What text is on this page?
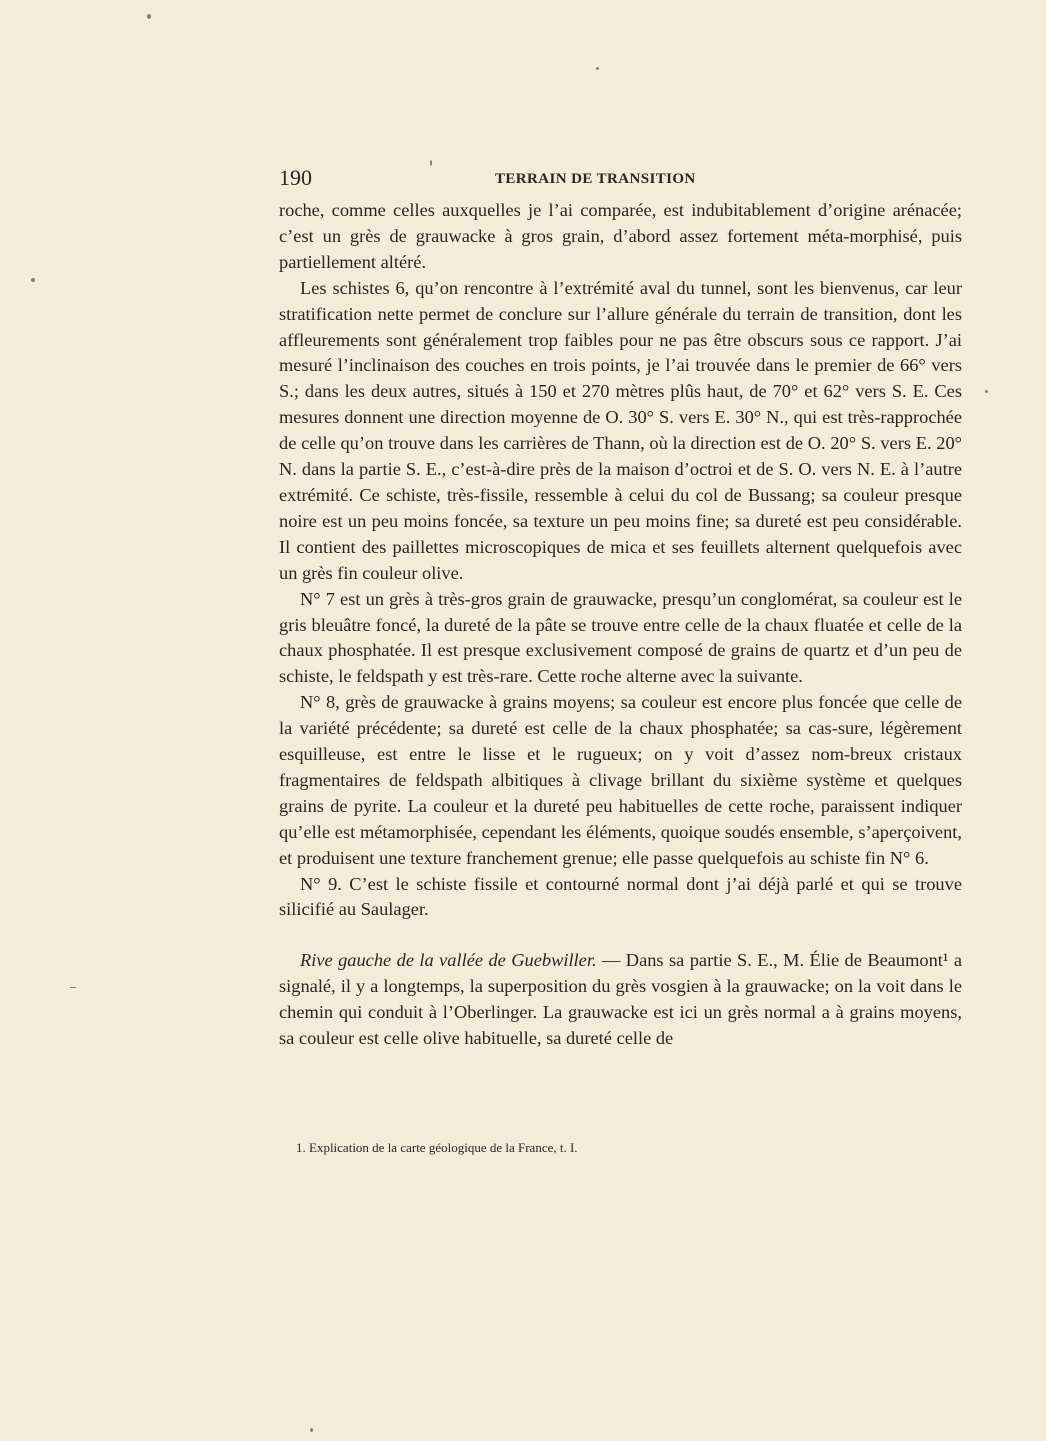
190	TERRAIN DE TRANSITION

roche, comme celles auxquelles je l’ai comparée, est indubitablement d’origine arénacée; c’est un grès de grauwacke à gros grain, d’abord assez fortement méta-morphisé, puis partiellement altéré.

Les schistes 6, qu’on rencontre à l’extrémité aval du tunnel, sont les bienvenus, car leur stratification nette permet de conclure sur l’allure générale du terrain de transition, dont les affleurements sont généralement trop faibles pour ne pas être obscurs sous ce rapport. J’ai mesuré l’inclinaison des couches en trois points, je l’ai trouvée dans le premier de 66° vers S.; dans les deux autres, situés à 150 et 270 mètres plûs haut, de 70° et 62° vers S. E. Ces mesures donnent une direction moyenne de O. 30° S. vers E. 30° N., qui est très-rapprochée de celle qu’on trouve dans les carrières de Thann, où la direction est de O. 20° S. vers E. 20° N. dans la partie S. E., c’est-à-dire près de la maison d’octroi et de S. O. vers N. E. à l’autre extrémité. Ce schiste, très-fissile, ressemble à celui du col de Bussang; sa couleur presque noire est un peu moins foncée, sa texture un peu moins fine; sa dureté est peu considérable. Il contient des paillettes microscopiques de mica et ses feuillets alternent quelquefois avec un grès fin couleur olive.

N° 7 est un grès à très-gros grain de grauwacke, presqu’un conglomérat, sa couleur est le gris bleuâtre foncé, la dureté de la pâte se trouve entre celle de la chaux fluatée et celle de la chaux phosphatée. Il est presque exclusivement composé de grains de quartz et d’un peu de schiste, le feldspath y est très-rare. Cette roche alterne avec la suivante.

N° 8, grès de grauwacke à grains moyens; sa couleur est encore plus foncée que celle de la variété précédente; sa dureté est celle de la chaux phosphatée; sa cas-sure, légèrement esquilleuse, est entre le lisse et le rugueux; on y voit d’assez nom-breux cristaux fragmentaires de feldspath albitiques à clivage brillant du sixième système et quelques grains de pyrite. La couleur et la dureté peu habituelles de cette roche, paraissent indiquer qu’elle est métamorphisée, cependant les éléments, quoique soudés ensemble, s’aperçoivent, et produisent une texture franchement grenue; elle passe quelquefois au schiste fin N° 6.

N° 9. C’est le schiste fissile et contourné normal dont j’ai déjà parlé et qui se trouve silicifié au Saulager.

Rive gauche de la vallée de Guebwiller. — Dans sa partie S. E., M. Élie de Beaumont¹ a signalé, il y a longtemps, la superposition du grès vosgien à la grauwacke; on la voit dans le chemin qui conduit à l’Oberlinger. La grauwacke est ici un grès normal a à grains moyens, sa couleur est celle olive habituelle, sa dureté celle de

1. Explication de la carte géologique de la France, t. I.
